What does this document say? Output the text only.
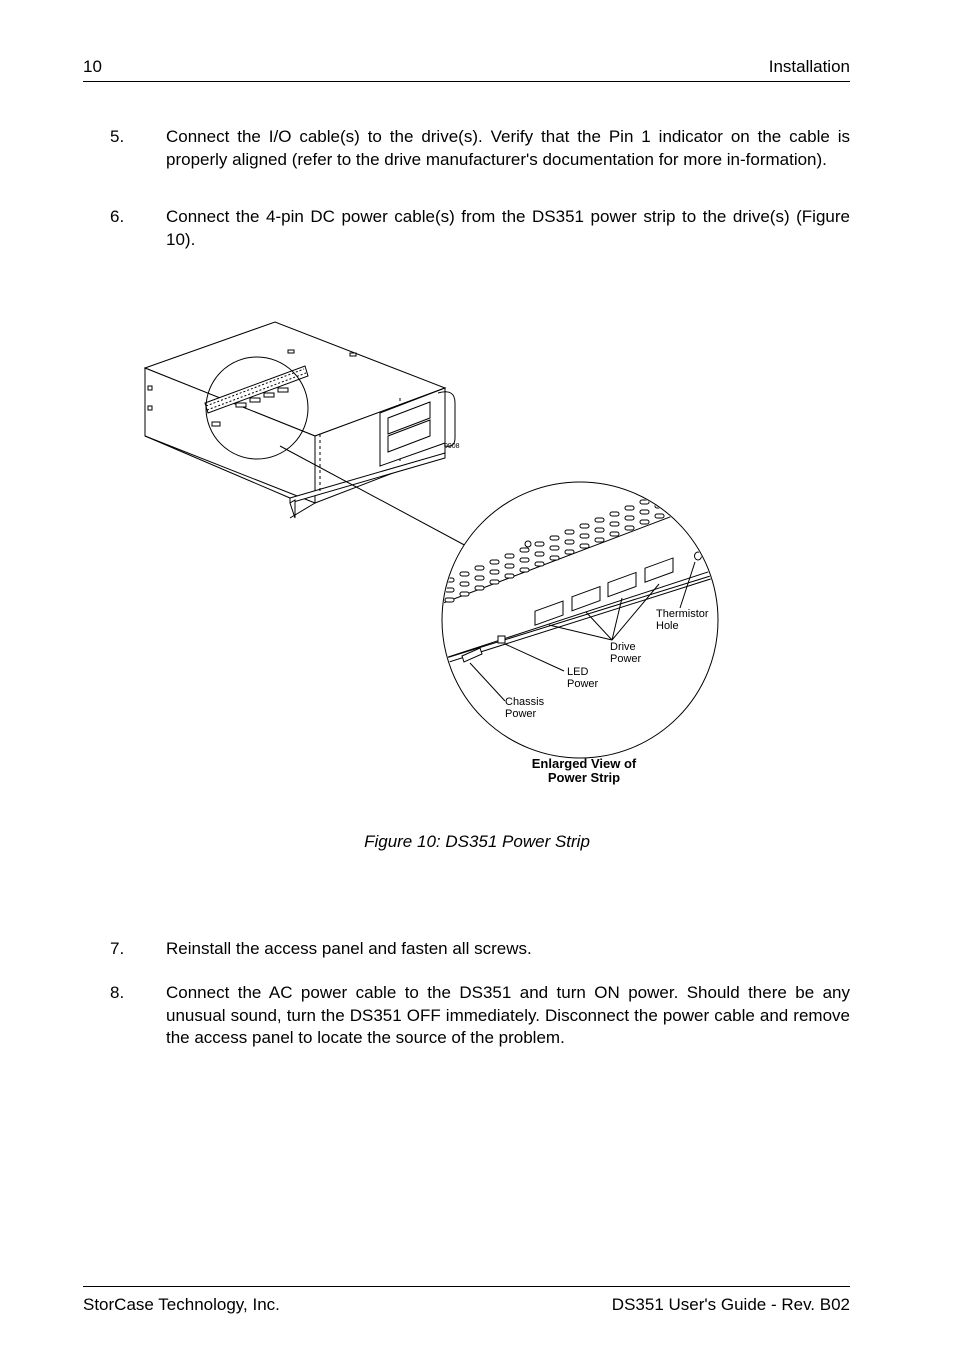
10	Installation
5.	Connect the I/O cable(s) to the drive(s). Verify that the Pin 1 indicator on the cable is properly aligned (refer to the drive manufacturer's documentation for more in-formation).
6.	Connect the 4-pin DC power cable(s) from the DS351 power strip to the drive(s) (Figure 10).
0908
Thermistor
Hole
Drive
Power
LED
Power
Chassis
Power
Enlarged View of
Power Strip
Figure 10: DS351 Power Strip
7.	Reinstall the access panel and fasten all screws.
8.	Connect the AC power cable to the DS351 and turn ON power. Should there be any unusual sound, turn the DS351 OFF immediately. Disconnect the power cable and remove the access panel to locate the source of the problem.
StorCase Technology, Inc.	DS351 User's Guide - Rev. B02
